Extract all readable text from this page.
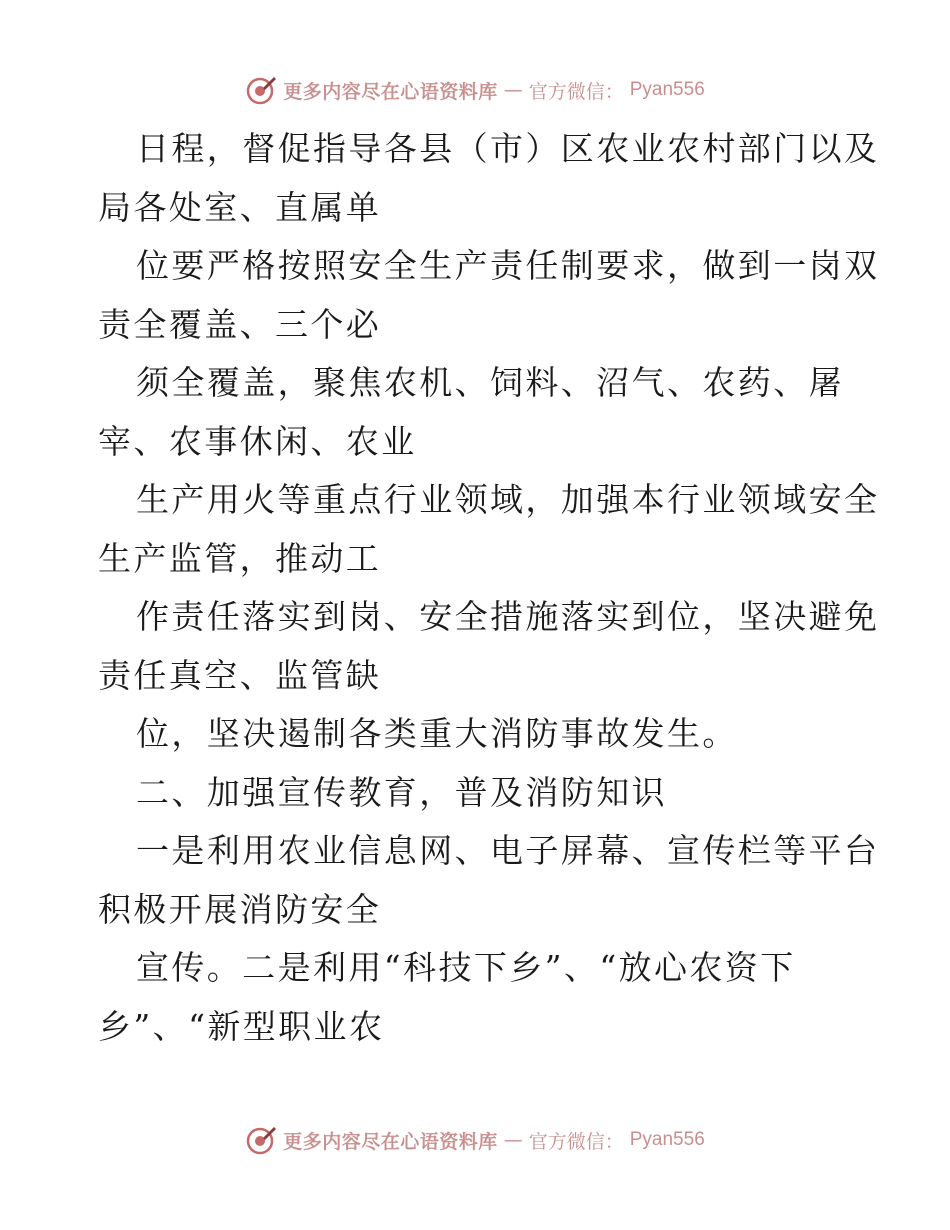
更多内容尽在心语资料库 — 官方微信： Pyan556
日程，督促指导各县（市）区农业农村部门以及
局各处室、直属单
位要严格按照安全生产责任制要求，做到一岗双
责全覆盖、三个必
须全覆盖，聚焦农机、饲料、沼气、农药、屠
宰、农事休闲、农业
生产用火等重点行业领域，加强本行业领域安全
生产监管，推动工
作责任落实到岗、安全措施落实到位，坚决避免
责任真空、监管缺
位，坚决遏制各类重大消防事故发生。
二、加强宣传教育，普及消防知识
一是利用农业信息网、电子屏幕、宣传栏等平台
积极开展消防安全
宣传。二是利用“科技下乡”、“放心农资下
乡”、“新型职业农
更多内容尽在心语资料库 — 官方微信： Pyan556
